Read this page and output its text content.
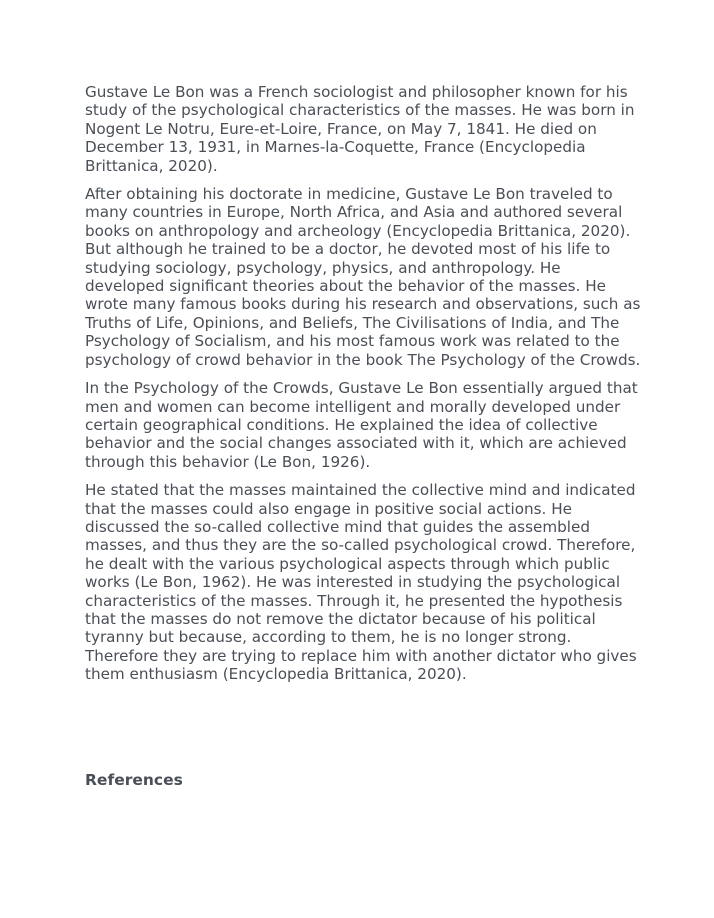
Gustave Le Bon was a French sociologist and philosopher known for his study of the psychological characteristics of the masses. He was born in Nogent Le Notru, Eure-et-Loire, France, on May 7, 1841. He died on December 13, 1931, in Marnes-la-Coquette, France (Encyclopedia Brittanica, 2020).

After obtaining his doctorate in medicine, Gustave Le Bon traveled to many countries in Europe, North Africa, and Asia and authored several books on anthropology and archeology (Encyclopedia Brittanica, 2020). But although he trained to be a doctor, he devoted most of his life to studying sociology, psychology, physics, and anthropology. He developed significant theories about the behavior of the masses. He wrote many famous books during his research and observations, such as Truths of Life, Opinions, and Beliefs, The Civilisations of India, and The Psychology of Socialism, and his most famous work was related to the psychology of crowd behavior in the book The Psychology of the Crowds.

In the Psychology of the Crowds, Gustave Le Bon essentially argued that men and women can become intelligent and morally developed under certain geographical conditions. He explained the idea of collective behavior and the social changes associated with it, which are achieved through this behavior (Le Bon, 1926).

He stated that the masses maintained the collective mind and indicated that the masses could also engage in positive social actions. He discussed the so-called collective mind that guides the assembled masses, and thus they are the so-called psychological crowd. Therefore, he dealt with the various psychological aspects through which public works (Le Bon, 1962). He was interested in studying the psychological characteristics of the masses. Through it, he presented the hypothesis that the masses do not remove the dictator because of his political tyranny but because, according to them, he is no longer strong. Therefore they are trying to replace him with another dictator who gives them enthusiasm (Encyclopedia Brittanica, 2020).

References
